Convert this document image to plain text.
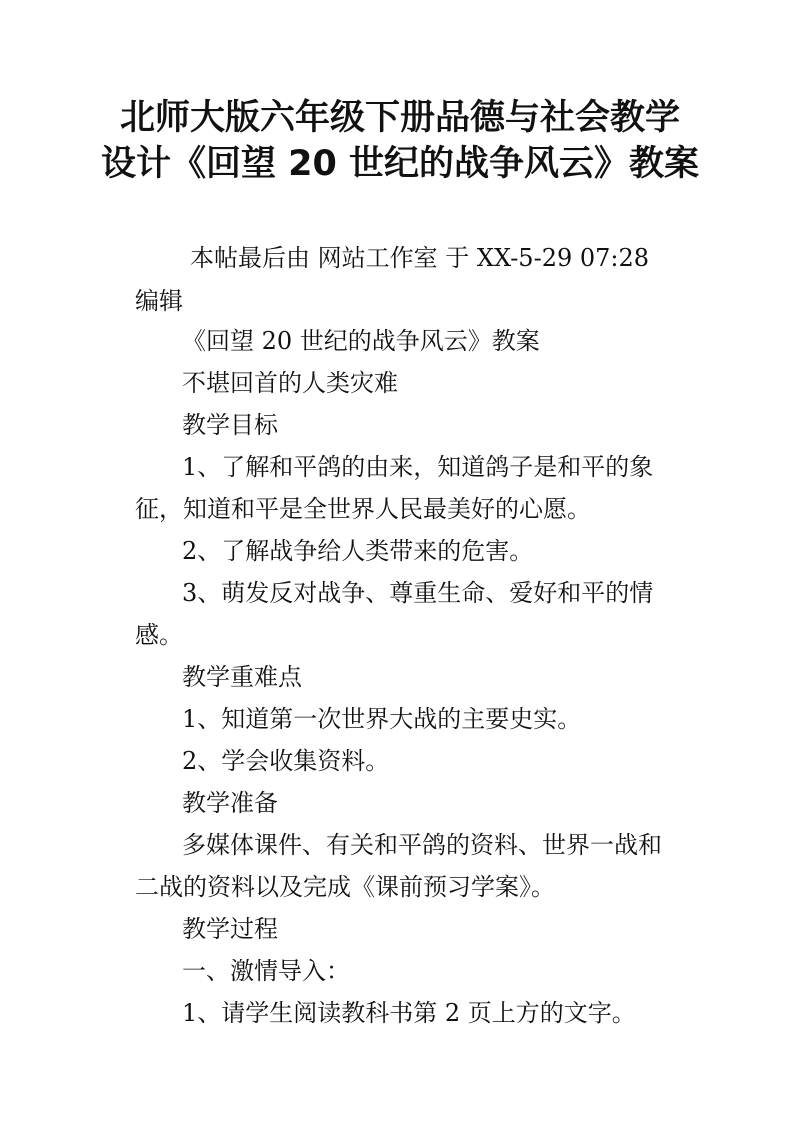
北师大版六年级下册品德与社会教学
设计《回望 20 世纪的战争风云》教案
本帖最后由 网站工作室 于 XX-5-29 07:28
编辑
《回望 20 世纪的战争风云》教案
不堪回首的人类灾难
教学目标
1、了解和平鸽的由来，知道鸽子是和平的象
征，知道和平是全世界人民最美好的心愿。
2、了解战争给人类带来的危害。
3、萌发反对战争、尊重生命、爱好和平的情
感。
教学重难点
1、知道第一次世界大战的主要史实。
2、学会收集资料。
教学准备
多媒体课件、有关和平鸽的资料、世界一战和
二战的资料以及完成《课前预习学案》。
教学过程
一、激情导入：
1、请学生阅读教科书第 2 页上方的文字。
